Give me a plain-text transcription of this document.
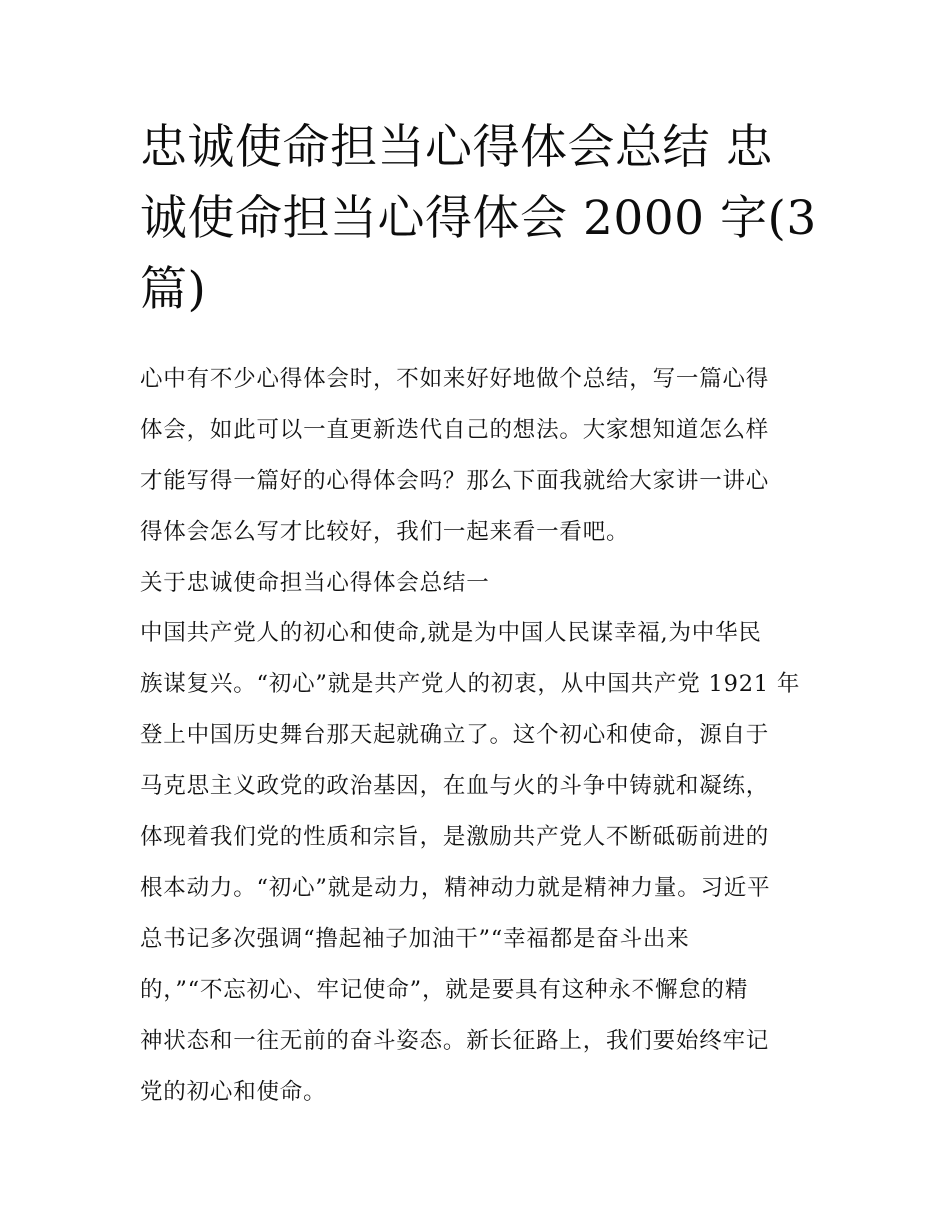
忠诚使命担当心得体会总结 忠
诚使命担当心得体会 2000 字(3
篇)

心中有不少心得体会时，不如来好好地做个总结，写一篇心得
体会，如此可以一直更新迭代自己的想法。大家想知道怎么样
才能写得一篇好的心得体会吗？那么下面我就给大家讲一讲心
得体会怎么写才比较好，我们一起来看一看吧。

关于忠诚使命担当心得体会总结一

中国共产党人的初心和使命,就是为中国人民谋幸福,为中华民
族谋复兴。“初心”就是共产党人的初衷，从中国共产党 1921 年
登上中国历史舞台那天起就确立了。这个初心和使命，源自于
马克思主义政党的政治基因，在血与火的斗争中铸就和凝练，
体现着我们党的性质和宗旨，是激励共产党人不断砥砺前进的
根本动力。“初心”就是动力，精神动力就是精神力量。习近平
总书记多次强调“撸起袖子加油干”“幸福都是奋斗出来
的，”“不忘初心、牢记使命”，就是要具有这种永不懈怠的精
神状态和一往无前的奋斗姿态。新长征路上，我们要始终牢记
党的初心和使命。
